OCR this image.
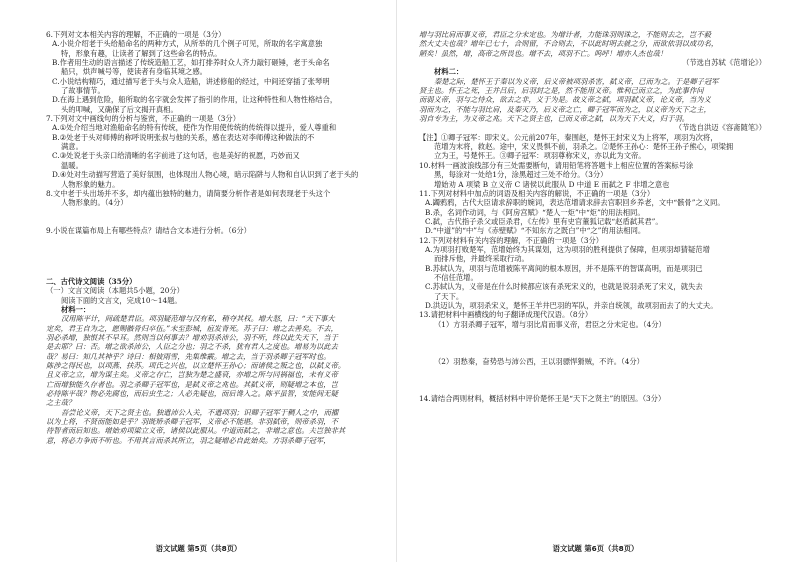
6.下列对文本相关内容的理解，不正确的一项是（3分）
A.小说介绍老于头给船命名的两种方式，从所举的几个例子可见，所取的名字寓意独
特，形象有趣，让读者了解到了这些命名的特点。
B.作者用生动的语言描述了传统造船工艺，如打排养时众人齐力敲钉砸锤，老于头命名
船只，烘声喊号等，使读者有身临其境之感。
C.小说结构精巧，通过描写老于头与众人造船，讲述修船的经过，中间还穿插了张琴明
了故事情节。
D.在海上遇到危险，船所取的名字就会发挥了指引的作用，让这种特性和人物性格结合，
头的叩喊，又确保了后文揭开真相。
7.下列对文中画线句的分析与鉴赏，不正确的一项是（3分）
A.①处介绍当地对渔船命名的特有传统，使作为作用使传统的传统得以提升，爱人尊重和
B.②处老于头对师傅的称呼说明张叔与他的关系，感在表达对李师傅这种做法的不
满意。
C.③处说老于头亲口给清晰的名字前进了这句话，也是美好的祝愿，巧妙而又
温暖。
D.④处对生动描写营造了美好氛围，也体现出人物心境，暗示陷阱与人物和自认识到了老于头的
人物形象的魅力。
8.文中老于头出场并不多，却内蕴出独特的魅力，请简要分析作者是如何表现老于头这个
人物形象的。（4分）
9.小说在谋篇布局上有哪些特点？请结合文本进行分析。（6分）
二、古代诗文阅读（35分）
（一）文言文阅读（本题共5小题，20分）
阅读下面的文言文，完成10～14题。
材料一：
汉用陈平计，间疏楚君臣。项羽疑范增与汉有私，稍夺其权。增大怒，曰：“天下事大
定矣，君王自为之，愿赐骸骨归卒伍。”未至彭城，疽发背死。苏子曰：增之去善矣。不去，
羽必杀增，独恨其不早耳。然则当以何事去？增劝羽杀沛公，羽不听，终以此失天下，当于
是去耶？曰：否。增之欲杀沛公，人臣之分也；羽之不杀，犹有君人之度也。增易为以此去
哉？易曰：知几其神乎？诗曰：相彼雨雪，先集维霰。增之去，当于羽杀卿子冠军时也。
陈涉之得民也，以项燕、扶苏。项氏之兴也，以立楚怀王孙心；而诸侯之叛之也，以弑义帝。
且义帝之立，增为谋主矣。义帝之存亡，岂独为楚之盛衰，亦增之所与同祸福也，未有义帝
亡而增独能久存者也。羽之杀卿子冠军也，是弑义帝之兆也。其弑义帝，则疑增之本也，岂
必待陈平哉？物必先腐也，而后虫生之；人必先疑也，而后谗入之。陈平虽智，安能间无疑
之主哉？
吾尝论义帝，天下之贤主也。独遣沛公入关，不遣项羽；识卿子冠军于稠人之中，而擢
以为上将，不贤而能如是乎？羽既矫杀卿子冠军，义帝必不能堪。非羽弑帝，则帝杀羽，不
待智者而后知也。增始劝项梁立义帝，诸侯以此服从。中道而弑之，非增之意也。夫岂独非其
意，将必力争而不听也。不用其言而杀其所立，羽之疑增必自此始矣。方羽杀卿子冠军，
语文试题 第5页（共8页）
增与羽比肩而事义帝，君臣之分未定也。为增计者，力能诛羽则诛之，不能则去之，岂不毅
然大丈夫也哉？增年已七十，合则留，不合则去，不以此时明去就之分，而欲依羽以成功名，
陋矣！虽然，增，高帝之所畏也。增不去，项羽不亡。呜呼！增亦人杰也哉！
（节选自苏轼《范增论》）
材料二：
秦楚之际，楚怀王于秦以为义帝，后义帝被项羽杀害，弑义帝，已而为之。于是卿子冠军
贤主也。怀王之死，王并吕后，后羽封之是，然不能用义帝。惟利己而立之，为此事作问
而弱义帝，羽与之恃众，欲去之非，义于为是。故义帝之弑，项羽弑义帝，论义帝，当为义
羽而为之，不能与羽比肩，及秦灭乃，后义帝之亡，卿子冠军而为之，以义帝为天下之主，
羽自专为主，为义帝之兆。天下之贤主也，已而义帝之弑，以为天下大义，归于羽。
（节选自洪迈《容斋随笔》）
【注】①卿子冠军：即宋义。公元前207年，秦围赵，楚怀王封宋义为上将军，项羽为次将，
范增为末将，救赵。途中，宋义畏惧不前，羽杀之。②楚怀王孙心：楚怀王孙子熊心，项梁拥
立为王，号楚怀王。③卿子冠军：项羽尊称宋义，亦以此为文帝。
10.材料一画波浪线部分有三处需要断句，请用铅笔将答题卡上相应位置的答案标号涂
黑，每涂对一处给1分，涂黑超过三处不给分。（3分）
增始劝 A 项梁 B 立义帝 C 诸侯以此服从 D 中道 E 而弑之 F 非增之意也
11.下列对材料中加点的词语及相关内容的解说，不正确的一项是（3分）
A.蠲鸦鸦，古代大臣请求辞职的婉词，表达范增请求辞去官职回乡养老，文中“骸骨”之义同。
B.杀，名词作动词，与《阿房宫赋》“楚人一炬”中“炬”的用法相同。
C.弑，古代指子杀父或臣杀君，《左传》里有史官董狐记载“赵盾弑其君”。
D.“中道”的“中”与《赤壁赋》“不知东方之既白”中“之”的用法相同。
12.下列对材料有关内容的理解，不正确的一项是（3分）
A.为项羽打败楚军，范增始终为其谋划，这为项羽的胜利提供了保障，但项羽却猜疑范增
而排斥他，并最终采取行动。
B.苏轼认为，项羽与范增被陈平离间的根本原因，并不是陈平的智谋高明，而是项羽已
不信任范增。
C.苏轼认为，义帝是在什么时候都应该有杀死宋义的，也就是说羽杀死了宋义，就失去
了天下。
D.洪迈认为，项羽杀宋义，楚怀王羊井巴羽的军队，并亲自统领，故项羽而去了的大丈夫。
13.请把材料中画横线的句子翻译成现代汉语。（8分）
（1）方羽杀卿子冠军，增与羽比肩而事义帝，君臣之分未定也。（4分）
（2）羽愁秦，奋势恐与沛公西，王以羽骠悍猾贼，不许。（4分）
14.请结合两则材料，概括材料中评价楚怀王是“天下之贤主”的原因。（3分）
语文试题 第6页（共8页）
